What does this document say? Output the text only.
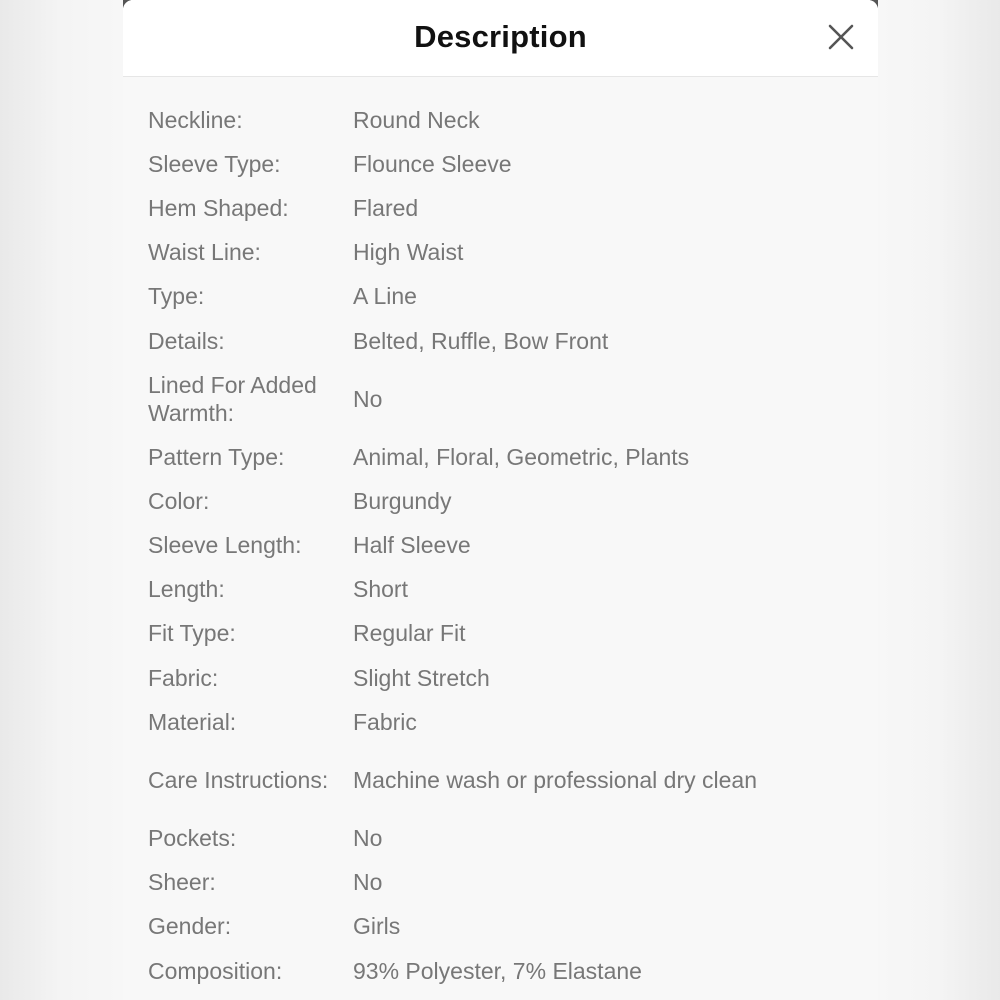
Description
Neckline:	Round Neck
Sleeve Type:	Flounce Sleeve
Hem Shaped:	Flared
Waist Line:	High Waist
Type:	A Line
Details:	Belted, Ruffle, Bow Front
Lined For Added Warmth:
No
Pattern Type:	Animal, Floral, Geometric, Plants
Color:	Burgundy
Sleeve Length:	Half Sleeve
Length:	Short
Fit Type:	Regular Fit
Fabric:	Slight Stretch
Material:	Fabric
Care Instructions:	Machine wash or professional dry clean
Pockets:	No
Sheer:	No
Gender:	Girls
Composition:	93% Polyester, 7% Elastane
